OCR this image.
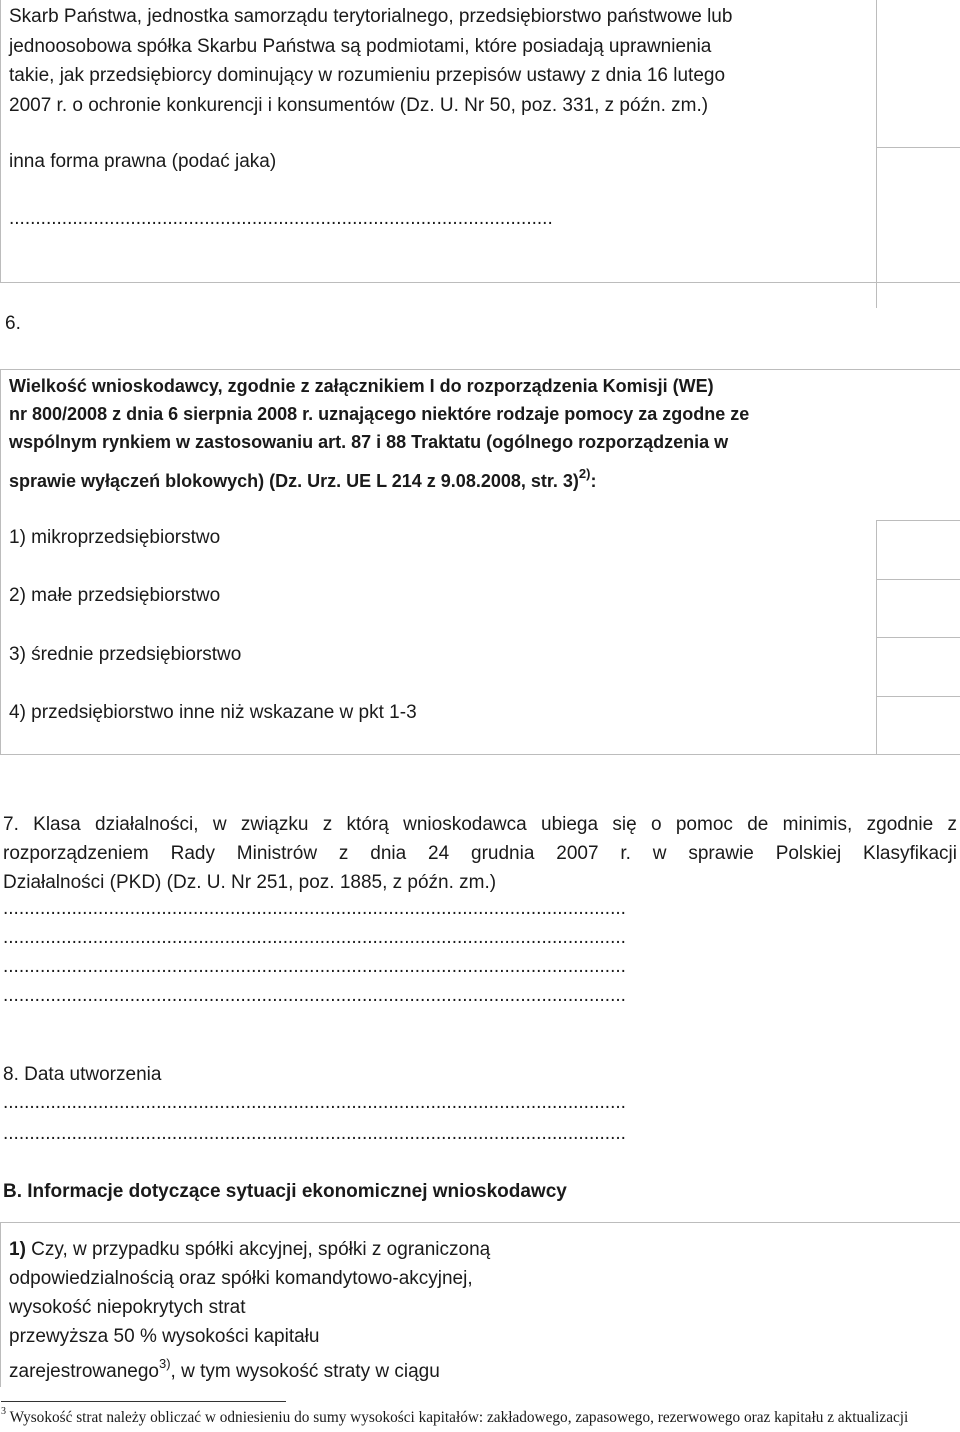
Skarb Państwa, jednostka samorządu terytorialnego, przedsiębiorstwo państwowe lub
jednoosobowa spółka Skarbu Państwa są podmiotami, które posiadają uprawnienia
takie, jak przedsiębiorcy dominujący w rozumieniu przepisów ustawy z dnia 16 lutego
2007 r. o ochronie konkurencji i konsumentów (Dz. U. Nr 50, poz. 331, z późn. zm.)
inna forma prawna (podać jaka)
.......................................................................................................
6.
Wielkość wnioskodawcy, zgodnie z załącznikiem I do rozporządzenia Komisji (WE)
nr 800/2008 z dnia 6 sierpnia 2008 r. uznającego niektóre rodzaje pomocy za zgodne ze
wspólnym rynkiem w zastosowaniu art. 87 i 88 Traktatu (ogólnego rozporządzenia w
sprawie wyłączeń blokowych) (Dz. Urz. UE L 214 z 9.08.2008, str. 3)$^{2)}$:
1) mikroprzedsiębiorstwo
2) małe przedsiębiorstwo
3) średnie przedsiębiorstwo
4) przedsiębiorstwo inne niż wskazane w pkt 1-3
7. Klasa działalności, w związku z którą wnioskodawca ubiega się o pomoc de minimis, zgodnie z
rozporządzeniem Rady Ministrów z dnia 24 grudnia 2007 r. w sprawie Polskiej Klasyfikacji
Działalności (PKD) (Dz. U. Nr 251, poz. 1885, z późn. zm.)
......................................................................................................................
......................................................................................................................
......................................................................................................................
......................................................................................................................
8. Data utworzenia
......................................................................................................................
......................................................................................................................
B. Informacje dotyczące sytuacji ekonomicznej wnioskodawcy
1) Czy, w przypadku spółki akcyjnej, spółki z ograniczoną
odpowiedzialnością oraz spółki komandytowo-akcyjnej,
wysokość niepokrytych strat
przewyższa 50 % wysokości kapitału
zarejestrowanego$^{3)}$, w tym wysokość straty w ciągu
$^3$ Wysokość strat należy obliczać w odniesieniu do sumy wysokości kapitałów: zakładowego, zapasowego, rezerwowego oraz kapitału z aktualizacji
